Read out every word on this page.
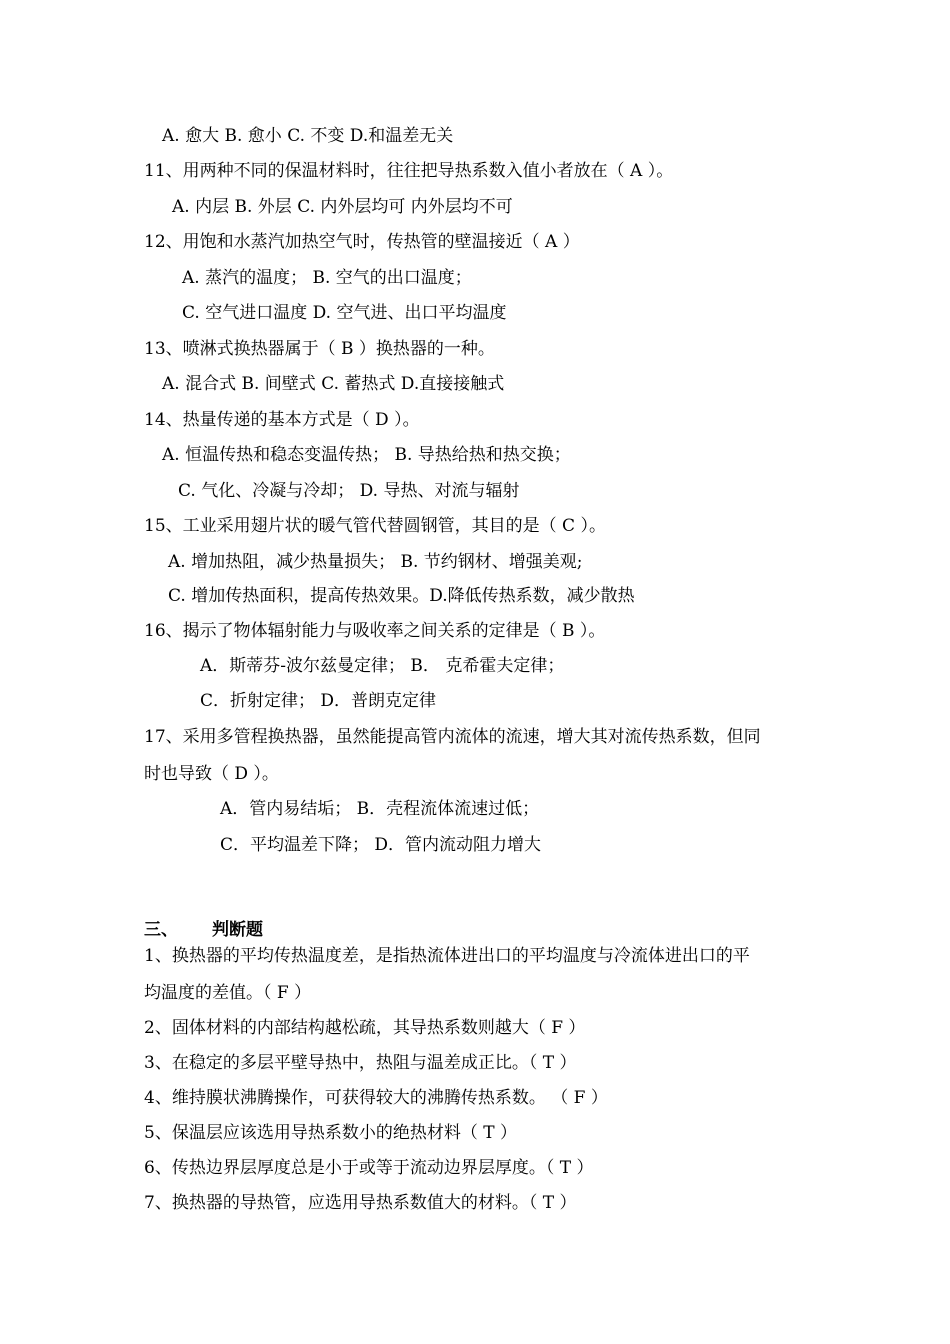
A. 愈大 B. 愈小 C. 不变 D.和温差无关

11、用两种不同的保温材料时，往往把导热系数入值小者放在（ A ）。

A. 内层 B. 外层 C. 内外层均可 内外层均不可

12、用饱和水蒸汽加热空气时，传热管的壁温接近（ A ）

A. 蒸汽的温度； B. 空气的出口温度；

C. 空气进口温度 D. 空气进、出口平均温度

13、喷淋式换热器属于（ B ）换热器的一种。

A. 混合式 B. 间壁式 C. 蓄热式 D.直接接触式

14、热量传递的基本方式是（ D ）。

A. 恒温传热和稳态变温传热； B. 导热给热和热交换；

C. 气化、冷凝与冷却； D. 导热、对流与辐射

15、工业采用翅片状的暖气管代替圆钢管，其目的是（ C ）。

A. 增加热阻，减少热量损失； B. 节约钢材、增强美观;

C. 增加传热面积，提高传热效果。D.降低传热系数，减少散热

16、揭示了物体辐射能力与吸收率之间关系的定律是（ B ）。

A．斯蒂芬-波尔兹曼定律； B． 克希霍夫定律；

C．折射定律； D．普朗克定律

17、采用多管程换热器，虽然能提高管内流体的流速，增大其对流传热系数，但同

时也导致（ D ）。

A．管内易结垢； B．壳程流体流速过低；

C．平均温差下降； D．管内流动阻力增大

三、 判断题

1、换热器的平均传热温度差，是指热流体进出口的平均温度与冷流体进出口的平

均温度的差值。（ F ）

2、固体材料的内部结构越松疏，其导热系数则越大（ F ）

3、在稳定的多层平壁导热中，热阻与温差成正比。（ T ）

4、维持膜状沸腾操作，可获得较大的沸腾传热系数。 （ F ）

5、保温层应该选用导热系数小的绝热材料（ T ）

6、传热边界层厚度总是小于或等于流动边界层厚度。（ T ）

7、换热器的导热管，应选用导热系数值大的材料。（ T ）
